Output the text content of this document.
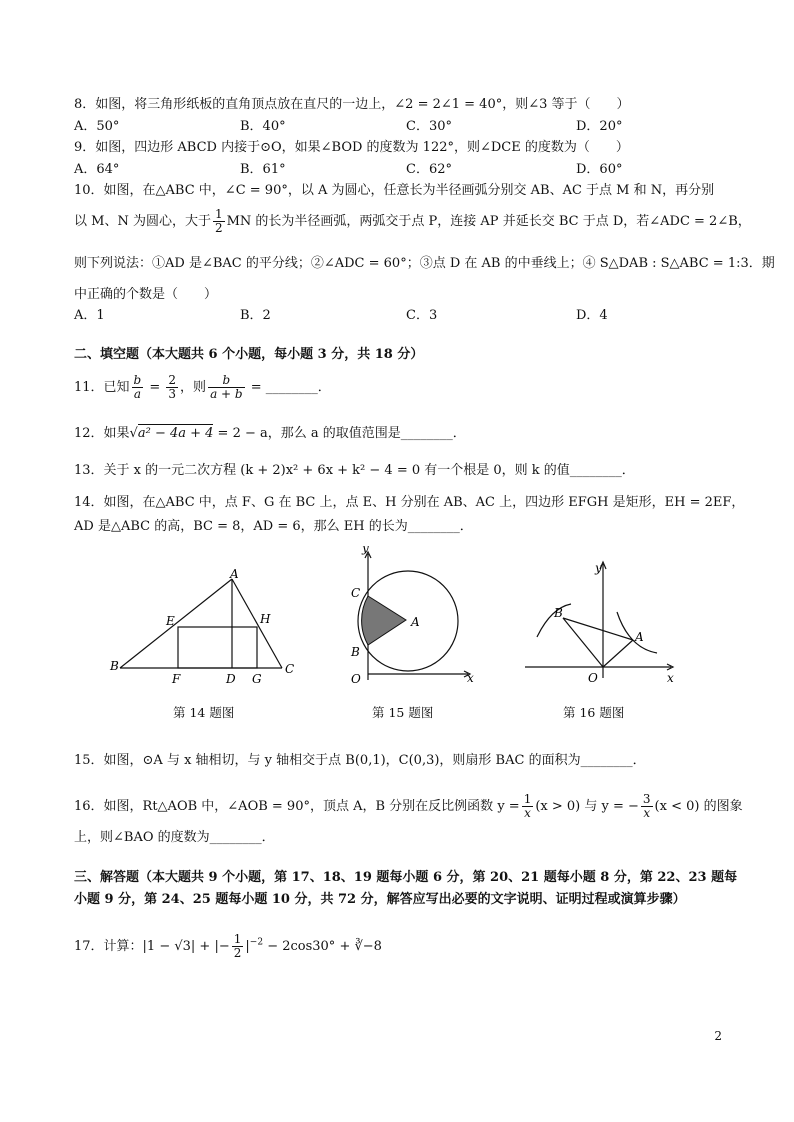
8．如图，将三角形纸板的直角顶点放在直尺的一边上，∠2 = 2∠1 = 40°，则∠3 等于（　　）
A．50°	B．40°	C．30°	D．20°
9．如图，四边形 ABCD 内接于⊙O，如果∠BOD 的度数为 122°，则∠DCE 的度数为（　　）
A．64°	B．61°	C．62°	D．60°
10．如图，在△ABC 中，∠C = 90°，以 A 为圆心，任意长为半径画弧分别交 AB、AC 于点 M 和 N，再分别
以 M、N 为圆心，大于 $\frac{1}{2}$ MN 的长为半径画弧，两弧交于点 P，连接 AP 并延长交 BC 于点 D，若∠ADC = 2∠B，
则下列说法：①AD 是∠BAC 的平分线；②∠ADC = 60°；③点 D 在 AB 的中垂线上；④ S△DAB : S△ABC = 1:3．期
中正确的个数是（　　）
A．1	B．2	C．3	D．4
二、填空题（本大题共 6 个小题，每小题 3 分，共 18 分）
11．已知 $\frac{b}{a} = \frac{2}{3}$ ，则 $\frac{b}{a + b}$ = ________．
12．如果√a² − 4a + 4 = 2 − a，那么 a 的取值范围是________．
13．关于 x 的一元二次方程 (k + 2)x² + 6x + k² − 4 = 0 有一个根是 0，则 k 的值________．
14．如图，在△ABC 中，点 F、G 在 BC 上，点 E、H 分别在 AB、AC 上，四边形 EFGH 是矩形，EH = 2EF，
AD 是△ABC 的高，BC = 8，AD = 6，那么 EH 的长为________．
A
E	H
B
F	D G
C
第 14 题图
y
C
A
B
O	x
第 15 题图
y
B
A
O	x
第 16 题图
15．如图，⊙A 与 x 轴相切，与 y 轴相交于点 B(0,1)，C(0,3)，则扇形 BAC 的面积为________．
16．如图，Rt△AOB 中，∠AOB = 90°，顶点 A，B 分别在反比例函数 $y = \frac{1}{x} (x > 0)$ 与 y = − $\frac{3}{x} (x < 0)$ 的图象
上，则∠BAO 的度数为________．
三、解答题（本大题共 9 个小题，第 17、18、19 题每小题 6 分，第 20、21 题每小题 8 分，第 22、23 题每
小题 9 分，第 24、25 题每小题 10 分，共 72 分，解答应写出必要的文字说明、证明过程或演算步骤）
17．计算：|1 − √3| + |− $\frac{1}{2} |^{-2} - 2\cos 30^\circ$ + ∛−8
2
